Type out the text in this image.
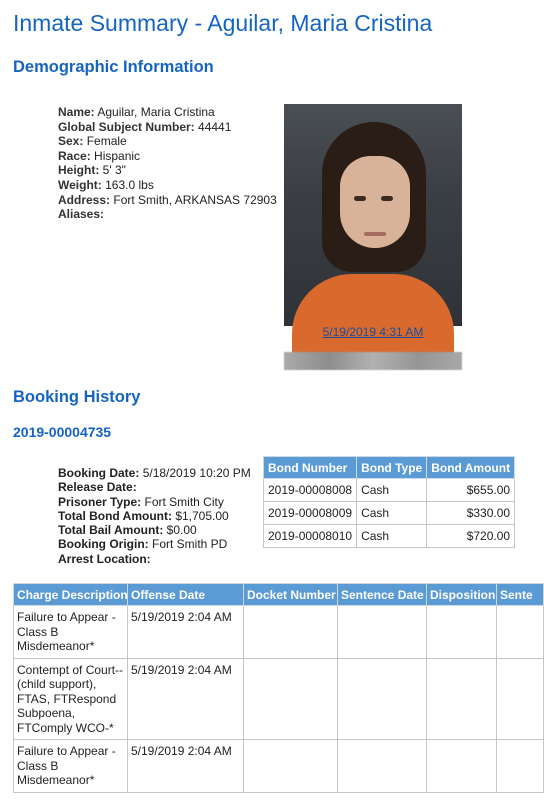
Inmate Summary - Aguilar, Maria Cristina
Demographic Information
Name: Aguilar, Maria Cristina
Global Subject Number: 44441
Sex: Female
Race: Hispanic
Height: 5' 3"
Weight: 163.0 lbs
Address: Fort Smith, ARKANSAS 72903
Aliases:
5/19/2019 4:31 AM
Booking History
2019-00004735
Booking Date: 5/18/2019 10:20 PM
Release Date:
Prisoner Type: Fort Smith City
Total Bond Amount: $1,705.00
Total Bail Amount: $0.00
Booking Origin: Fort Smith PD
Arrest Location:
Bond Number	Bond Type	Bond Amount
2019-00008008	Cash	$655.00
2019-00008009	Cash	$330.00
2019-00008010	Cash	$720.00
Charge Description	Offense Date	Docket Number	Sentence Date	Disposition	Sente
Failure to Appear - Class B Misdemeanor*	5/19/2019 2:04 AM				
Contempt of Court--(child support), FTAS, FTRespond Subpoena, FTComply WCO-*	5/19/2019 2:04 AM				
Failure to Appear - Class B Misdemeanor*	5/19/2019 2:04 AM				
